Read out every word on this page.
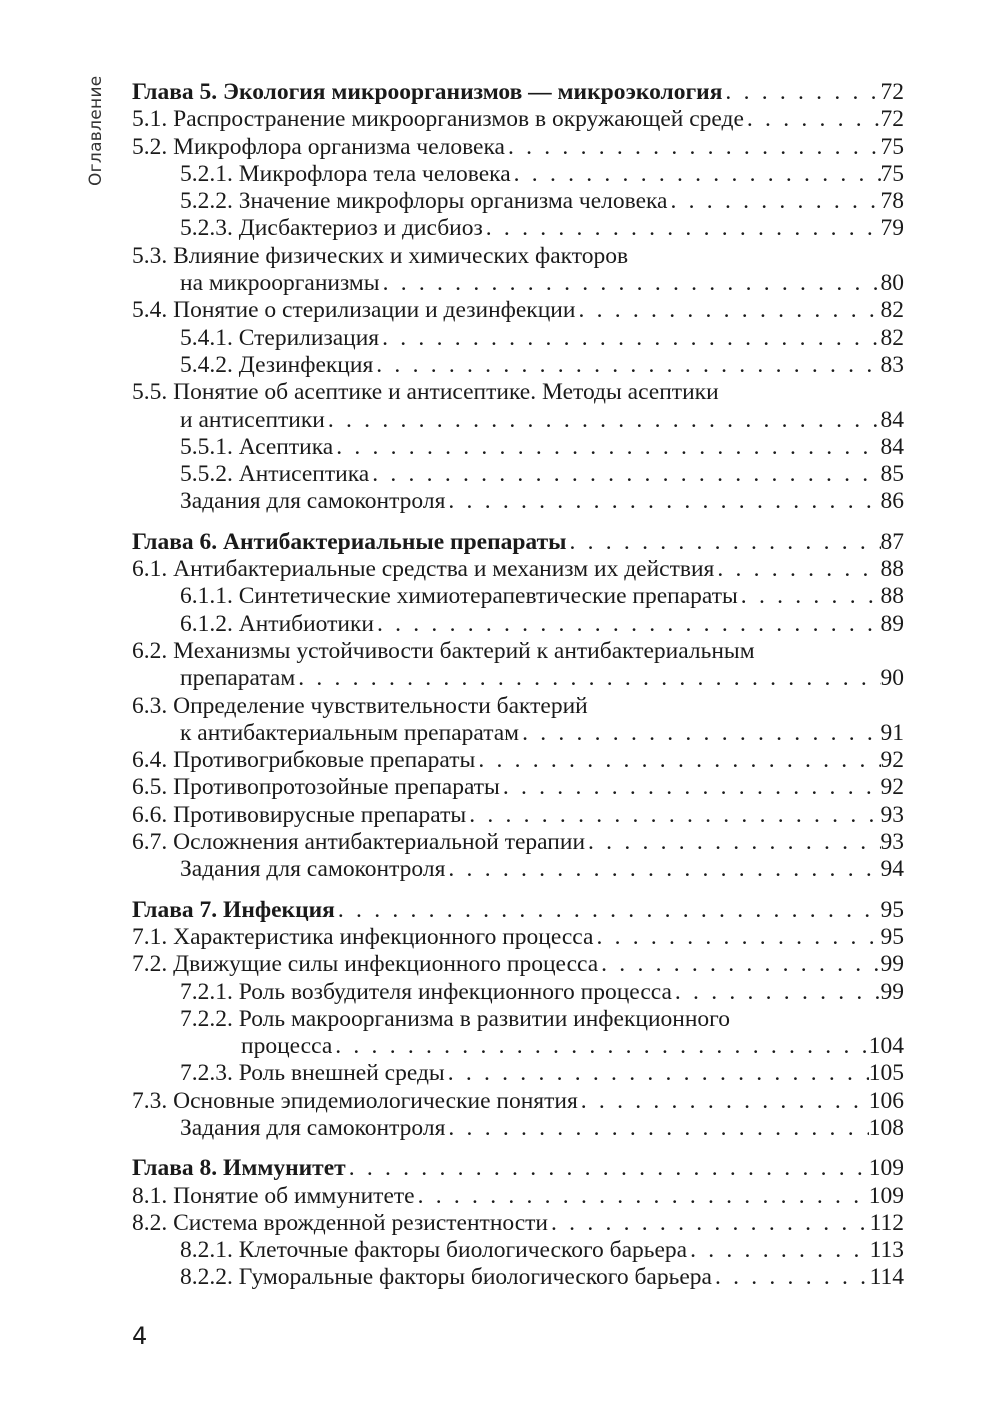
Оглавление Глава 5. Экология микроорганизмов — микроэкология . . .	72
5.1. Распространение микроорганизмов в окружающей среде . . .	72
5.2. Микрофлора организма человека . . .	75
5.2.1. Микрофлора тела человека . . .	75
5.2.2. Значение микрофлоры организма человека . . .	78
5.2.3. Дисбактериоз и дисбиоз . . .	79
5.3. Влияние физических и химических факторов
на микроорганизмы . . .	80
5.4. Понятие о стерилизации и дезинфекции . . .	82
5.4.1. Стерилизация . . .	82
5.4.2. Дезинфекция . . .	83
5.5. Понятие об асептике и антисептике. Методы асептики
и антисептики . . .	84
5.5.1. Асептика . . .	84
5.5.2. Антисептика . . .	85
Задания для самоконтроля . . .	86
Глава 6. Антибактериальные препараты . . .	87
6.1. Антибактериальные средства и механизм их действия . . .	88
6.1.1. Синтетические химиотерапевтические препараты . . .	88
6.1.2. Антибиотики . . .	89
6.2. Механизмы устойчивости бактерий к антибактериальным
препаратам . . .	90
6.3. Определение чувствительности бактерий
к антибактериальным препаратам . . .	91
6.4. Противогрибковые препараты . . .	92
6.5. Противопротозойные препараты . . .	92
6.6. Противовирусные препараты . . .	93
6.7. Осложнения антибактериальной терапии . . .	93
Задания для самоконтроля . . .	94
Глава 7. Инфекция . . .	95
7.1. Характеристика инфекционного процесса . . .	95
7.2. Движущие силы инфекционного процесса . . .	99
7.2.1. Роль возбудителя инфекционного процесса . . .	99
7.2.2. Роль макроорганизма в развитии инфекционного
процесса . . .	104
7.2.3. Роль внешней среды . . .	105
7.3. Основные эпидемиологические понятия . . .	106
Задания для самоконтроля . . .	108
Глава 8. Иммунитет . . .	109
8.1. Понятие об иммунитете . . .	109
8.2. Система врожденной резистентности . . .	112
8.2.1. Клеточные факторы биологического барьера . . .	113
8.2.2. Гуморальные факторы биологического барьера . . .	114
4
